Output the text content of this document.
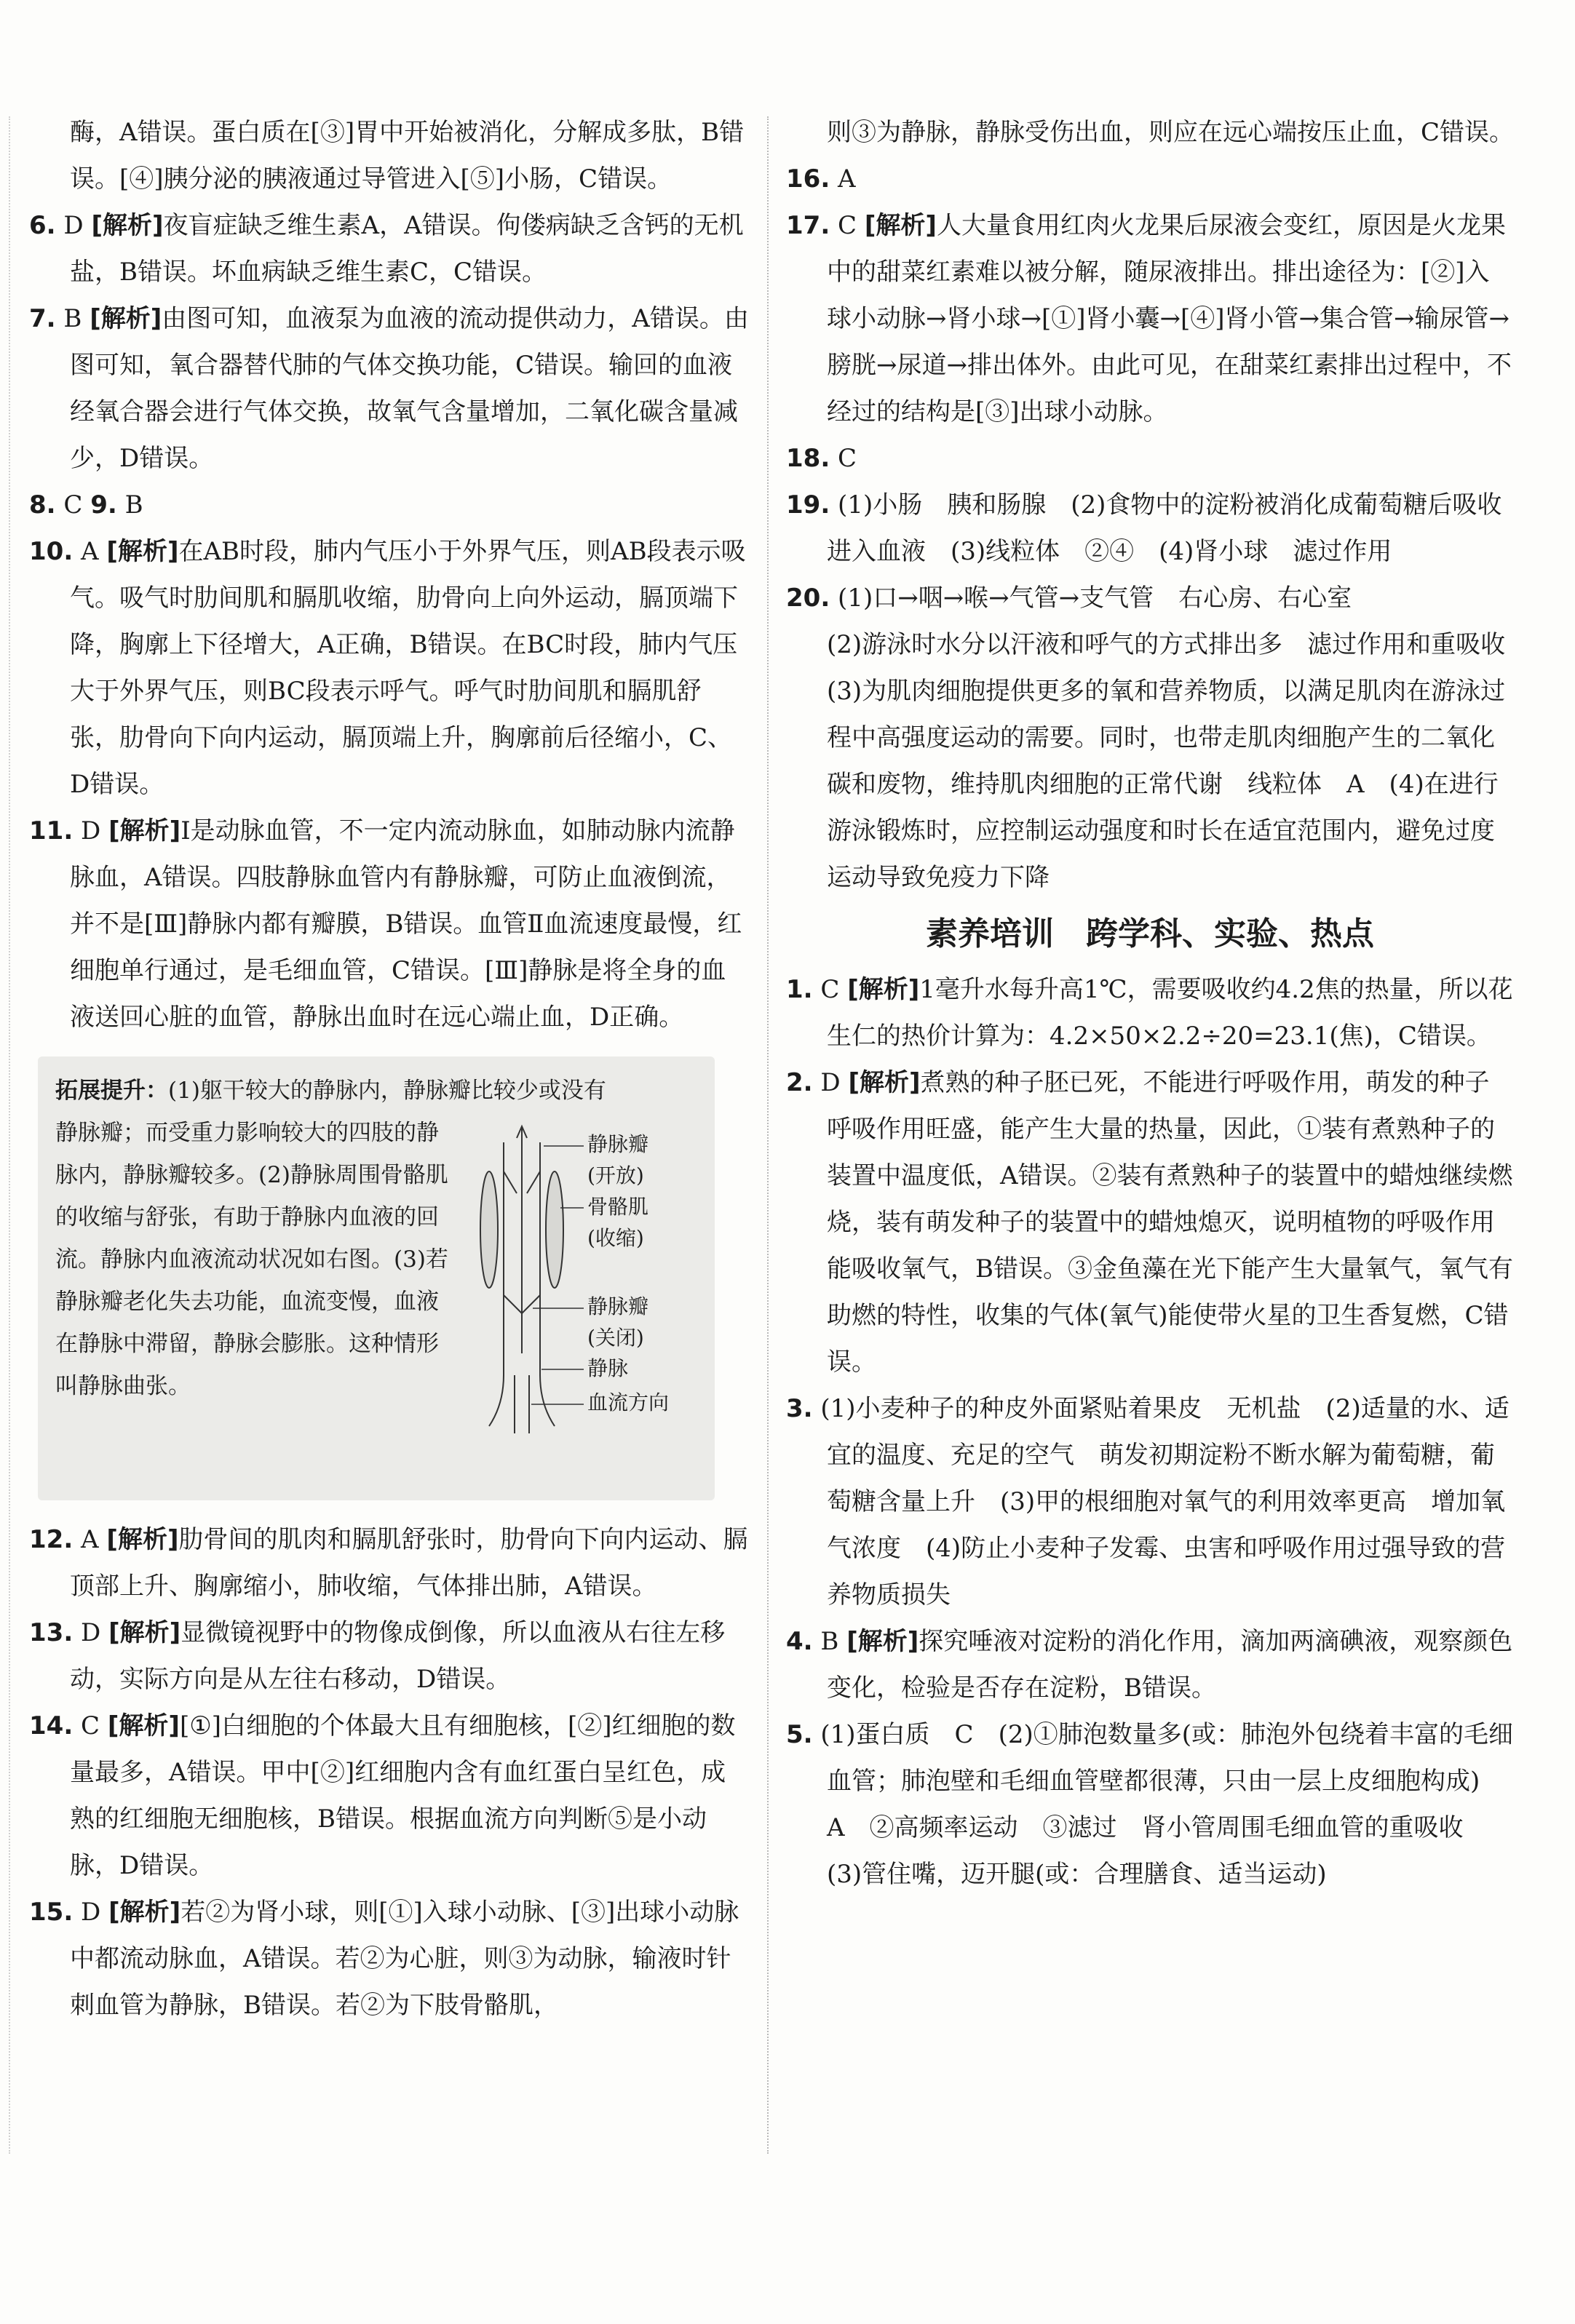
酶，A错误。蛋白质在[③]胃中开始被消化，分解成多肽，B错误。[④]胰分泌的胰液通过导管进入[⑤]小肠，C错误。

6. D [解析]夜盲症缺乏维生素A，A错误。佝偻病缺乏含钙的无机盐，B错误。坏血病缺乏维生素C，C错误。

7. B [解析]由图可知，血液泵为血液的流动提供动力，A错误。由图可知，氧合器替代肺的气体交换功能，C错误。输回的血液经氧合器会进行气体交换，故氧气含量增加，二氧化碳含量减少，D错误。

8. C 9. B

10. A [解析]在AB时段，肺内气压小于外界气压，则AB段表示吸气。吸气时肋间肌和膈肌收缩，肋骨向上向外运动，膈顶端下降，胸廓上下径增大，A正确，B错误。在BC时段，肺内气压大于外界气压，则BC段表示呼气。呼气时肋间肌和膈肌舒张，肋骨向下向内运动，膈顶端上升，胸廓前后径缩小，C、D错误。

11. D [解析]Ⅰ是动脉血管，不一定内流动脉血，如肺动脉内流静脉血，A错误。四肢静脉血管内有静脉瓣，可防止血液倒流，并不是[Ⅲ]静脉内都有瓣膜，B错误。血管Ⅱ血流速度最慢，红细胞单行通过，是毛细血管，C错误。[Ⅲ]静脉是将全身的血液送回心脏的血管，静脉出血时在远心端止血，D正确。

拓展提升：(1)躯干较大的静脉内，静脉瓣比较少或没有

静脉瓣；而受重力影响较大的四肢的静脉内，静脉瓣较多。(2)静脉周围骨骼肌的收缩与舒张，有助于静脉内血液的回流。静脉内血液流动状况如右图。(3)若静脉瓣老化失去功能，血流变慢，血液在静脉中滞留，静脉会膨胀。这种情形叫静脉曲张。

静脉瓣
(开放)
骨骼肌
(收缩)
静脉瓣
(关闭)
静脉
血流方向

12. A [解析]肋骨间的肌肉和膈肌舒张时，肋骨向下向内运动、膈顶部上升、胸廓缩小，肺收缩，气体排出肺，A错误。

13. D [解析]显微镜视野中的物像成倒像，所以血液从右往左移动，实际方向是从左往右移动，D错误。

14. C [解析][①]白细胞的个体最大且有细胞核，[②]红细胞的数量最多，A错误。甲中[②]红细胞内含有血红蛋白呈红色，成熟的红细胞无细胞核，B错误。根据血流方向判断⑤是小动脉，D错误。

15. D [解析]若②为肾小球，则[①]入球小动脉、[③]出球小动脉中都流动脉血，A错误。若②为心脏，则③为动脉，输液时针刺血管为静脉，B错误。若②为下肢骨骼肌，

则③为静脉，静脉受伤出血，则应在远心端按压止血，C错误。

16. A

17. C [解析]人大量食用红肉火龙果后尿液会变红，原因是火龙果中的甜菜红素难以被分解，随尿液排出。排出途径为：[②]入球小动脉→肾小球→[①]肾小囊→[④]肾小管→集合管→输尿管→膀胱→尿道→排出体外。由此可见，在甜菜红素排出过程中，不经过的结构是[③]出球小动脉。

18. C

19. (1)小肠　胰和肠腺　(2)食物中的淀粉被消化成葡萄糖后吸收进入血液　(3)线粒体　②④　(4)肾小球　滤过作用

20. (1)口→咽→喉→气管→支气管　右心房、右心室

(2)游泳时水分以汗液和呼气的方式排出多　滤过作用和重吸收　(3)为肌肉细胞提供更多的氧和营养物质，以满足肌肉在游泳过程中高强度运动的需要。同时，也带走肌肉细胞产生的二氧化碳和废物，维持肌肉细胞的正常代谢　线粒体　A　(4)在进行游泳锻炼时，应控制运动强度和时长在适宜范围内，避免过度运动导致免疫力下降

素养培训　跨学科、实验、热点

1. C [解析]1毫升水每升高1℃，需要吸收约4.2焦的热量，所以花生仁的热价计算为：4.2×50×2.2÷20=23.1(焦)，C错误。

2. D [解析]煮熟的种子胚已死，不能进行呼吸作用，萌发的种子呼吸作用旺盛，能产生大量的热量，因此，①装有煮熟种子的装置中温度低，A错误。②装有煮熟种子的装置中的蜡烛继续燃烧，装有萌发种子的装置中的蜡烛熄灭，说明植物的呼吸作用能吸收氧气，B错误。③金鱼藻在光下能产生大量氧气，氧气有助燃的特性，收集的气体(氧气)能使带火星的卫生香复燃，C错误。

3. (1)小麦种子的种皮外面紧贴着果皮　无机盐　(2)适量的水、适宜的温度、充足的空气　萌发初期淀粉不断水解为葡萄糖，葡萄糖含量上升　(3)甲的根细胞对氧气的利用效率更高　增加氧气浓度　(4)防止小麦种子发霉、虫害和呼吸作用过强导致的营养物质损失

4. B [解析]探究唾液对淀粉的消化作用，滴加两滴碘液，观察颜色变化，检验是否存在淀粉，B错误。

5. (1)蛋白质　C　(2)①肺泡数量多(或：肺泡外包绕着丰富的毛细血管；肺泡壁和毛细血管壁都很薄，只由一层上皮细胞构成)　A　②高频率运动　③滤过　肾小管周围毛细血管的重吸收　(3)管住嘴，迈开腿(或：合理膳食、适当运动)
